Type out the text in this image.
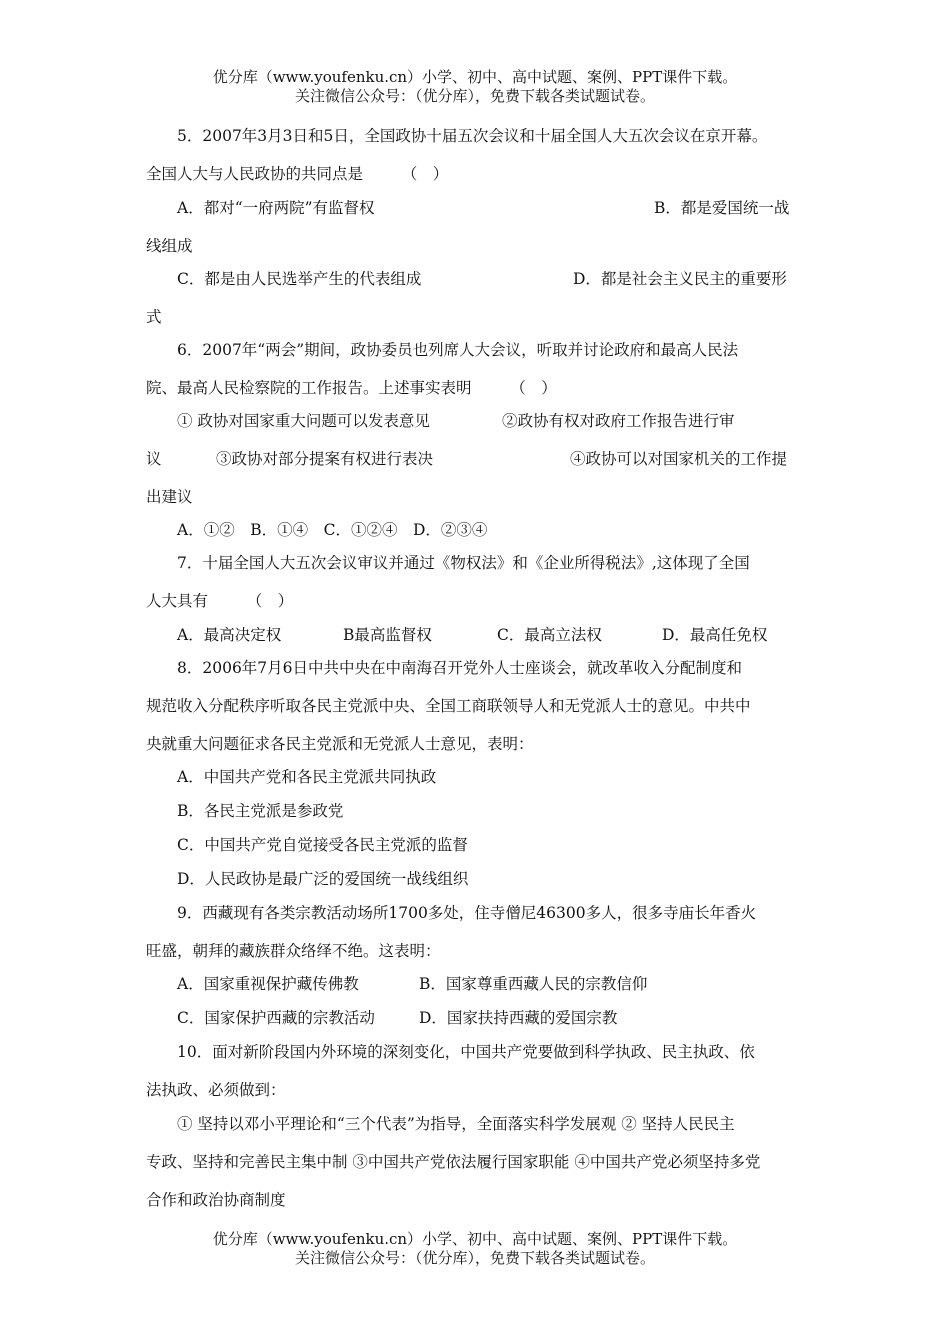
优分库（www.youfenku.cn）小学、初中、高中试题、案例、PPT课件下载。
关注微信公众号：（优分库），免费下载各类试题试卷。
5．2007年3月3日和5日，全国政协十届五次会议和十届全国人大五次会议在京开幕。
全国人大与人民政协的共同点是　　　（　）
A．都对“一府两院”有监督权	B．都是爱国统一战
线组成
C．都是由人民选举产生的代表组成	D．都是社会主义民主的重要形
式
6．2007年“两会”期间，政协委员也列席人大会议，听取并讨论政府和最高人民法
院、最高人民检察院的工作报告。上述事实表明　　　（　）
① 政协对国家重大问题可以发表意见	②政协有权对政府工作报告进行审
议	③政协对部分提案有权进行表决	④政协可以对国家机关的工作提
出建议
A．①②　B．①④　C．①②④　D．②③④
7．十届全国人大五次会议审议并通过《物权法》和《企业所得税法》,这体现了全国
人大具有　　　（　）
A．最高决定权	B最高监督权	C．最高立法权	D．最高任免权
8．2006年7月6日中共中央在中南海召开党外人士座谈会，就改革收入分配制度和
规范收入分配秩序听取各民主党派中央、全国工商联领导人和无党派人士的意见。中共中
央就重大问题征求各民主党派和无党派人士意见，表明：
A．中国共产党和各民主党派共同执政
B．各民主党派是参政党
C．中国共产党自觉接受各民主党派的监督
D．人民政协是最广泛的爱国统一战线组织
9．西藏现有各类宗教活动场所1700多处，住寺僧尼46300多人，很多寺庙长年香火
旺盛，朝拜的藏族群众络绎不绝。这表明：
A．国家重视保护藏传佛教	B．国家尊重西藏人民的宗教信仰
C．国家保护西藏的宗教活动	D．国家扶持西藏的爱国宗教
10．面对新阶段国内外环境的深刻变化，中国共产党要做到科学执政、民主执政、依
法执政、必须做到：
① 坚持以邓小平理论和“三个代表”为指导，全面落实科学发展观 ② 坚持人民民主
专政、坚持和完善民主集中制 ③中国共产党依法履行国家职能 ④中国共产党必须坚持多党
合作和政治协商制度
优分库（www.youfenku.cn）小学、初中、高中试题、案例、PPT课件下载。
关注微信公众号：（优分库），免费下载各类试题试卷。
